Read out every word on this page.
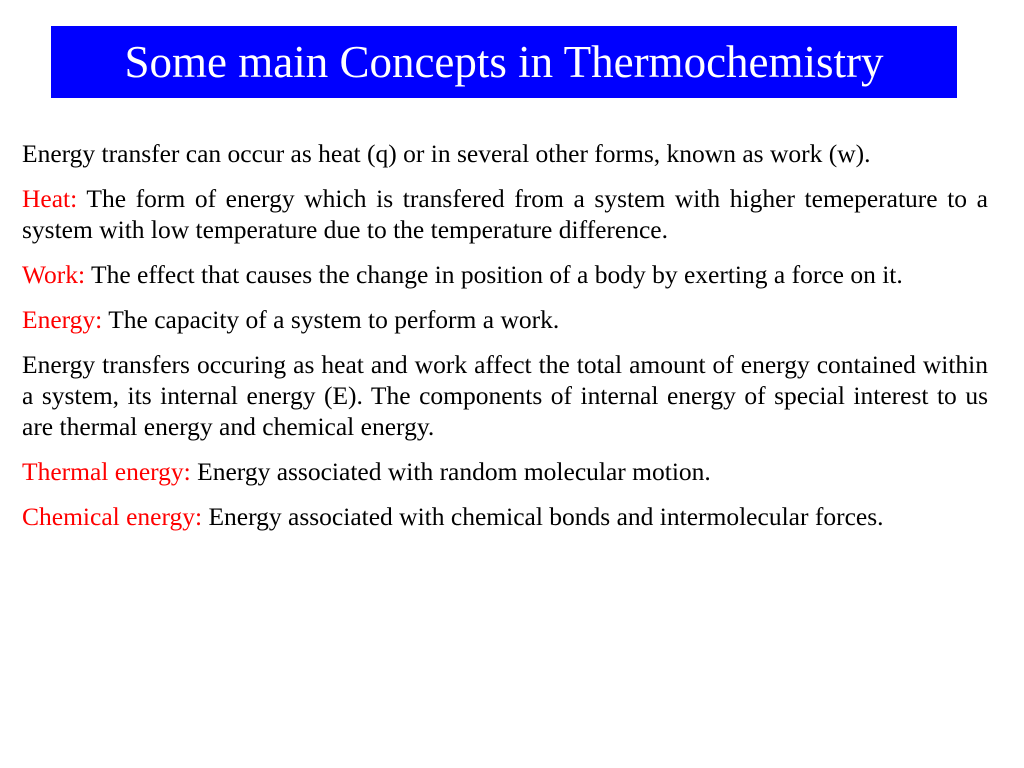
Some main Concepts in Thermochemistry

Energy transfer can occur as heat (q) or in several other forms, known as work (w).

Heat: The form of energy which is transfered from a system with higher temeperature to a system with low temperature due to the temperature difference.

Work: The effect that causes the change in position of a body by exerting a force on it.

Energy: The capacity of a system to perform a work.

Energy transfers occuring as heat and work affect the total amount of energy contained within a system, its internal energy (E). The components of internal energy of special interest to us are thermal energy and chemical energy.

Thermal energy: Energy associated with random molecular motion.

Chemical energy: Energy associated with chemical bonds and intermolecular forces.
